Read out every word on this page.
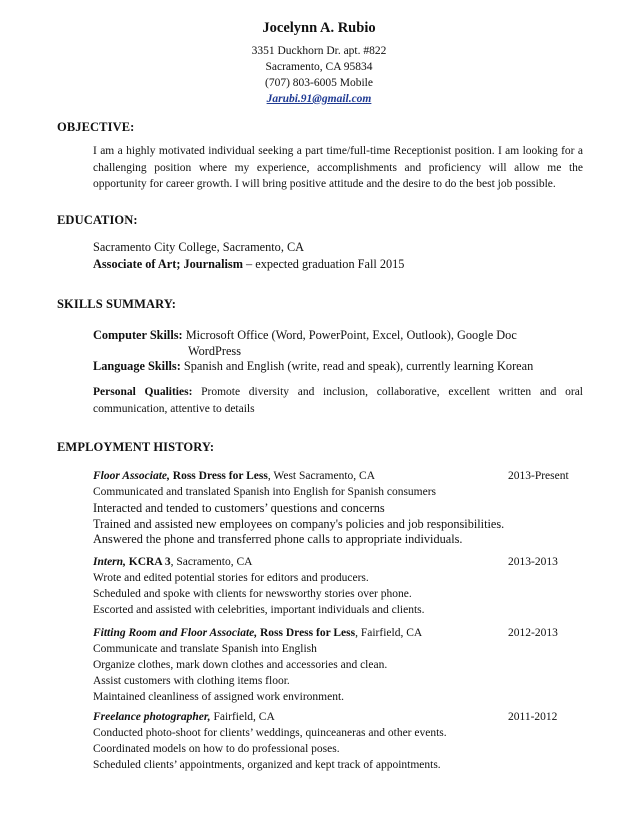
Jocelynn A. Rubio
3351 Duckhorn Dr. apt. #822
Sacramento, CA 95834
(707) 803-6005 Mobile
Jarubi.91@gmail.com
OBJECTIVE:
I am a highly motivated individual seeking a part time/full-time Receptionist position. I am looking for a challenging position where my experience, accomplishments and proficiency will allow me the opportunity for career growth. I will bring positive attitude and the desire to do the best job possible.
EDUCATION:
Sacramento City College, Sacramento, CA
Associate of Art; Journalism – expected graduation Fall 2015
SKILLS SUMMARY:
Computer Skills: Microsoft Office (Word, PowerPoint, Excel, Outlook), Google Doc
WordPress
Language Skills: Spanish and English (write, read and speak), currently learning Korean
Personal Qualities: Promote diversity and inclusion, collaborative, excellent written and oral communication, attentive to details
EMPLOYMENT HISTORY:
Floor Associate, Ross Dress for Less, West Sacramento, CA	2013-Present
Communicated and translated Spanish into English for Spanish consumers
Interacted and tended to customers’ questions and concerns
Trained and assisted new employees on company's policies and job responsibilities.
Answered the phone and transferred phone calls to appropriate individuals.
Intern, KCRA 3, Sacramento, CA	2013-2013
Wrote and edited potential stories for editors and producers.
Scheduled and spoke with clients for newsworthy stories over phone.
Escorted and assisted with celebrities, important individuals and clients.
Fitting Room and Floor Associate, Ross Dress for Less, Fairfield, CA	2012-2013
Communicate and translate Spanish into English
Organize clothes, mark down clothes and accessories and clean.
Assist customers with clothing items floor.
Maintained cleanliness of assigned work environment.
Freelance photographer, Fairfield, CA	2011-2012
Conducted photo-shoot for clients’ weddings, quinceaneras and other events.
Coordinated models on how to do professional poses.
Scheduled clients’ appointments, organized and kept track of appointments.
